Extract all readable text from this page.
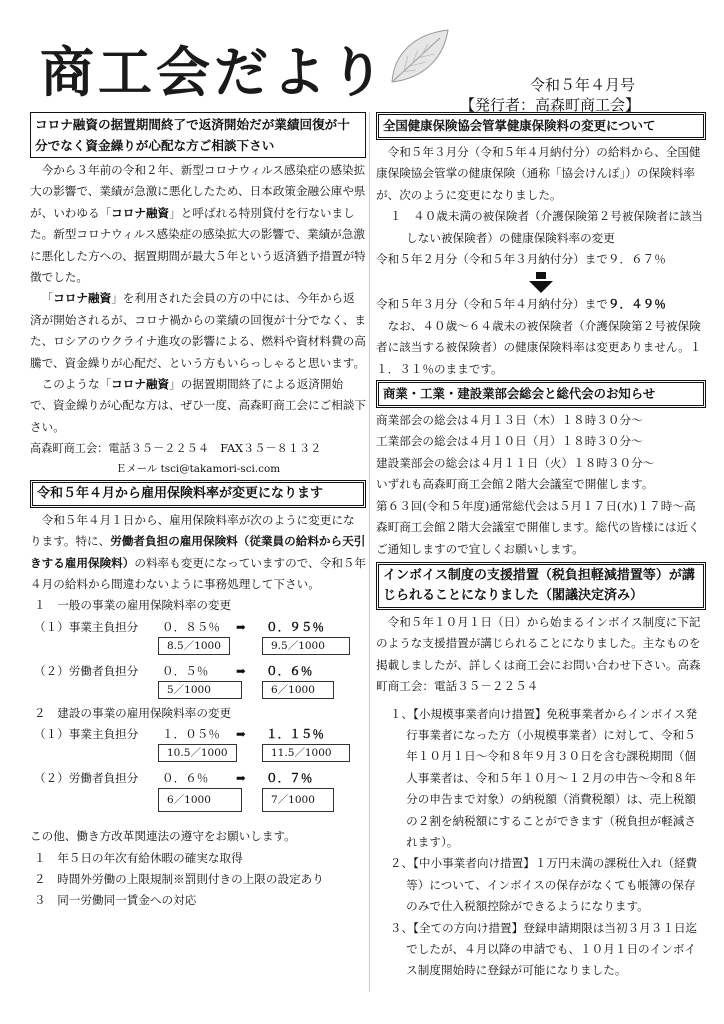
商工会だより	令和５年４月号
【発行者：高森町商工会】
コロナ融資の据置期間終了で返済開始だが業績回復が十分でなく資金繰りが心配な方ご相談下さい

今から３年前の令和２年、新型コロナウィルス感染症の感染拡大の影響で、業績が急激に悪化したため、日本政策金融公庫や県が、いわゆる「コロナ融資」と呼ばれる特別貸付を行ないました。新型コロナウィルス感染症の感染拡大の影響で、業績が急激に悪化した方への、据置期間が最大５年という返済猶予措置が特徴でした。

「コロナ融資」を利用された会員の方の中には、今年から返済が開始されるが、コロナ禍からの業績の回復が十分でなく、また、ロシアのウクライナ進攻の影響による、燃料や資材料費の高騰で、資金繰りが心配だ、という方もいらっしゃると思います。

このような「コロナ融資」の据置期間終了による返済開始で、資金繰りが心配な方は、ぜひ一度、高森町商工会にご相談下さい。

高森町商工会：電話３５－２２５４　FAX３５－８１３２

Ｅメール tsci@takamori-sci.com

令和５年４月から雇用保険料率が変更になります

令和５年４月１日から、雇用保険料率が次のように変更になります。特に、労働者負担の雇用保険料（従業員の給料から天引きする雇用保険料）の料率も変更になっていますので、令和５年４月の給料から間違わないように事務処理して下さい。

１　一般の事業の雇用保険料率の変更

（１）事業主負担分 ０．８５％ ➡ ０．９５％
8.5／1000	9.5／1000
（２）労働者負担分 ０．５％ ➡ ０．６％
5／1000	6／1000

２　建設の事業の雇用保険料率の変更

（１）事業主負担分 １．０５％ ➡ １．１５％
10.5／1000	11.5／1000
（２）労働者負担分 ０．６％ ➡ ０．７％
6／1000	7／1000

この他、働き方改革関連法の遵守をお願いします。

１　年５日の年次有給休暇の確実な取得

２　時間外労働の上限規制※罰則付きの上限の設定あり

３　同一労働同一賃金への対応

全国健康保険協会管掌健康保険料の変更について

令和５年３月分（令和５年４月納付分）の給料から、全国健康保険協会管掌の健康保険（通称「協会けんぽ」）の保険料率が、次のように変更になりました。

１　４０歳未満の被保険者（介護保険第２号被保険者に該当しない被保険者）の健康保険料率の変更

令和５年２月分（令和５年３月納付分）まで９．６７％

令和５年３月分（令和５年４月納付分）まで９．４９％

なお、４０歳～６４歳未の被保険者（介護保険第２号被保険者に該当する被保険者）の健康保険料率は変更ありません。１１．３１％のままです。

商業・工業・建設業部会総会と総代会のお知らせ

商業部会の総会は４月１３日（木）１８時３０分～

工業部会の総会は４月１０日（月）１８時３０分～

建設業部会の総会は４月１１日（火）１８時３０分～

いずれも高森町商工会館２階大会議室で開催します。

第６３回(令和５年度)通常総代会は５月１７日(水)１７時～高森町商工会館２階大会議室で開催します。総代の皆様には近くご通知しますので宜しくお願いします。

インボイス制度の支援措置（税負担軽減措置等）が講じられることになりました（閣議決定済み）

令和５年１０月１日（日）から始まるインボイス制度に下記のような支援措置が講じられることになりました。主なものを掲載しましたが、詳しくは商工会にお問い合わせ下さい。高森町商工会：電話３５－２２５４

１、【小規模事業者向け措置】免税事業者からインボイス発行事業者になった方（小規模事業者）に対して、令和５年１０月１日～令和８年９月３０日を含む課税期間（個人事業者は、令和５年１０月～１２月の申告～令和８年分の申告まで対象）の納税額（消費税額）は、売上税額の２割を納税額にすることができます（税負担が軽減されます）。

２、【中小事業者向け措置】１万円未満の課税仕入れ（経費等）について、インボイスの保存がなくても帳簿の保存のみで仕入税額控除ができるようになります。

３、【全ての方向け措置】登録申請期限は当初３月３１日迄でしたが、４月以降の申請でも、１０月１日のインボイス制度開始時に登録が可能になりました。
